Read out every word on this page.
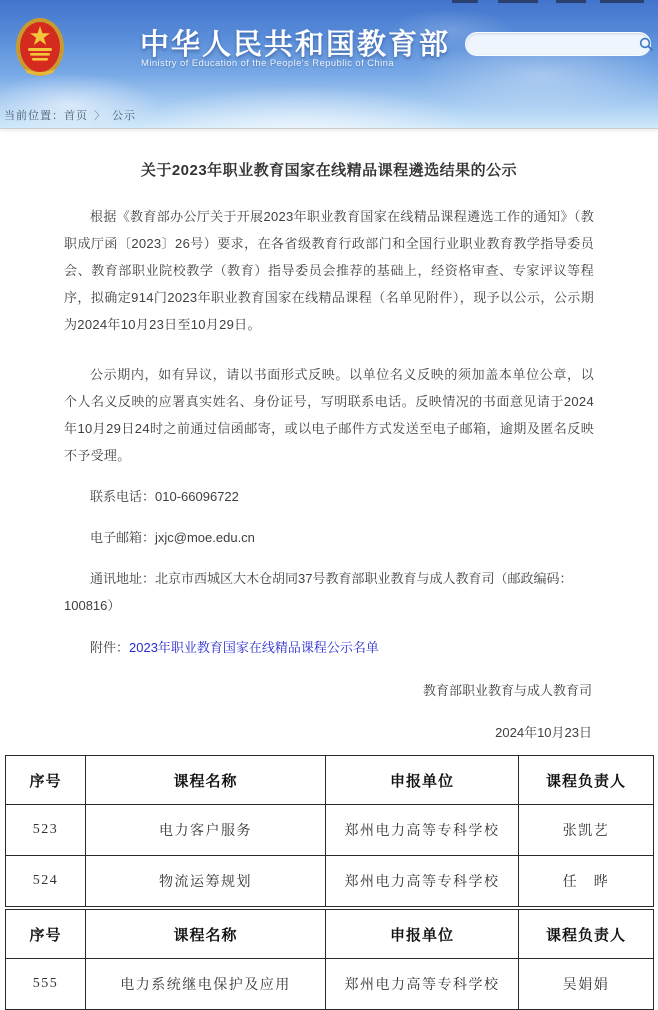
中华人民共和国教育部
Ministry of Education of the People's Republic of China
当前位置：首页 〉 公示
关于2023年职业教育国家在线精品课程遴选结果的公示

根据《教育部办公厅关于开展2023年职业教育国家在线精品课程遴选工作的通知》（教职成厅函〔2023〕26号）要求，在各省级教育行政部门和全国行业职业教育教学指导委员会、教育部职业院校教学（教育）指导委员会推荐的基础上，经资格审查、专家评议等程序，拟确定914门2023年职业教育国家在线精品课程（名单见附件），现予以公示，公示期为2024年10月23日至10月29日。

公示期内，如有异议，请以书面形式反映。以单位名义反映的须加盖本单位公章，以个人名义反映的应署真实姓名、身份证号，写明联系电话。反映情况的书面意见请于2024年10月29日24时之前通过信函邮寄，或以电子邮件方式发送至电子邮箱，逾期及匿名反映不予受理。

联系电话：010-66096722

电子邮箱：jxjc@moe.edu.cn

通讯地址：北京市西城区大木仓胡同37号教育部职业教育与成人教育司（邮政编码：100816）

附件：2023年职业教育国家在线精品课程公示名单

教育部职业教育与成人教育司

2024年10月23日

序号	课程名称	申报单位	课程负责人
523	电力客户服务	郑州电力高等专科学校	张凯艺
524	物流运筹规划	郑州电力高等专科学校	任　晔
序号	课程名称	申报单位	课程负责人
555	电力系统继电保护及应用	郑州电力高等专科学校	吴娟娟
